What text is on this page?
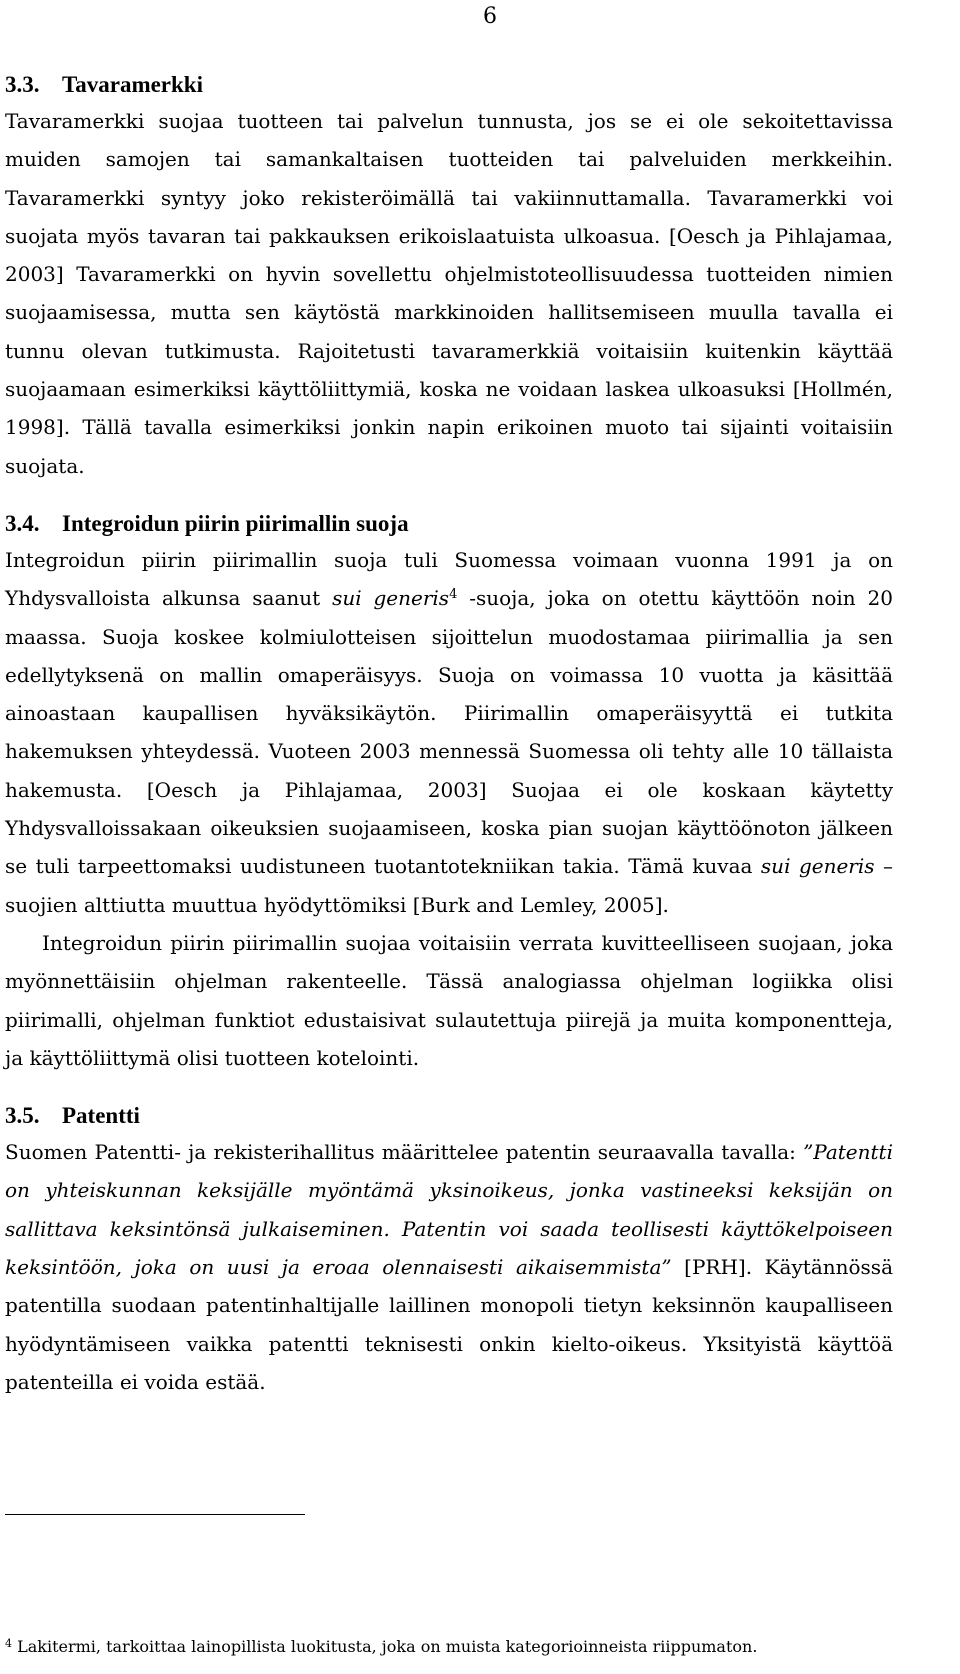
6
3.3. Tavaramerkki

Tavaramerkki suojaa tuotteen tai palvelun tunnusta, jos se ei ole sekoitettavissa muiden samojen tai samankaltaisen tuotteiden tai palveluiden merkkeihin. Tavaramerkki syntyy joko rekisteröimällä tai vakiinnuttamalla. Tavaramerkki voi suojata myös tavaran tai pakkauksen erikoislaatuista ulkoasua. [Oesch ja Pihlajamaa, 2003] Tavaramerkki on hyvin sovellettu ohjelmistoteollisuudessa tuotteiden nimien suojaamisessa, mutta sen käytöstä markkinoiden hallitsemiseen muulla tavalla ei tunnu olevan tutkimusta. Rajoitetusti tavaramerkkiä voitaisiin kuitenkin käyttää suojaamaan esimerkiksi käyttöliittymiä, koska ne voidaan laskea ulkoasuksi [Hollmén, 1998]. Tällä tavalla esimerkiksi jonkin napin erikoinen muoto tai sijainti voitaisiin suojata.

3.4. Integroidun piirin piirimallin suoja

Integroidun piirin piirimallin suoja tuli Suomessa voimaan vuonna 1991 ja on Yhdysvalloista alkunsa saanut sui generis$^4$ -suoja, joka on otettu käyttöön noin 20 maassa. Suoja koskee kolmiulotteisen sijoittelun muodostamaa piirimallia ja sen edellytyksenä on mallin omaperäisyys. Suoja on voimassa 10 vuotta ja käsittää ainoastaan kaupallisen hyväksikäytön. Piirimallin omaperäisyyttä ei tutkita hakemuksen yhteydessä. Vuoteen 2003 mennessä Suomessa oli tehty alle 10 tällaista hakemusta. [Oesch ja Pihlajamaa, 2003] Suojaa ei ole koskaan käytetty Yhdysvalloissakaan oikeuksien suojaamiseen, koska pian suojan käyttöönoton jälkeen se tuli tarpeettomaksi uudistuneen tuotantotekniikan takia. Tämä kuvaa sui generis –suojien alttiutta muuttua hyödyttömiksi [Burk and Lemley, 2005].

Integroidun piirin piirimallin suojaa voitaisiin verrata kuvitteelliseen suojaan, joka myönnettäisiin ohjelman rakenteelle. Tässä analogiassa ohjelman logiikka olisi piirimalli, ohjelman funktiot edustaisivat sulautettuja piirejä ja muita komponentteja, ja käyttöliittymä olisi tuotteen kotelointi.

3.5. Patentti

Suomen Patentti- ja rekisterihallitus määrittelee patentin seuraavalla tavalla: ”Patentti on yhteiskunnan keksijälle myöntämä yksinoikeus, jonka vastineeksi keksijän on sallittava keksintönsä julkaiseminen. Patentin voi saada teollisesti käyttökelpoiseen keksintöön, joka on uusi ja eroaa olennaisesti aikaisemmista” [PRH]. Käytännössä patentilla suodaan patentinhaltijalle laillinen monopoli tietyn keksinnön kaupalliseen hyödyntämiseen vaikka patentti teknisesti onkin kielto-oikeus. Yksityistä käyttöä patenteilla ei voida estää.

$^4$ Lakitermi, tarkoittaa lainopillista luokitusta, joka on muista kategorioinneista riippumaton.
